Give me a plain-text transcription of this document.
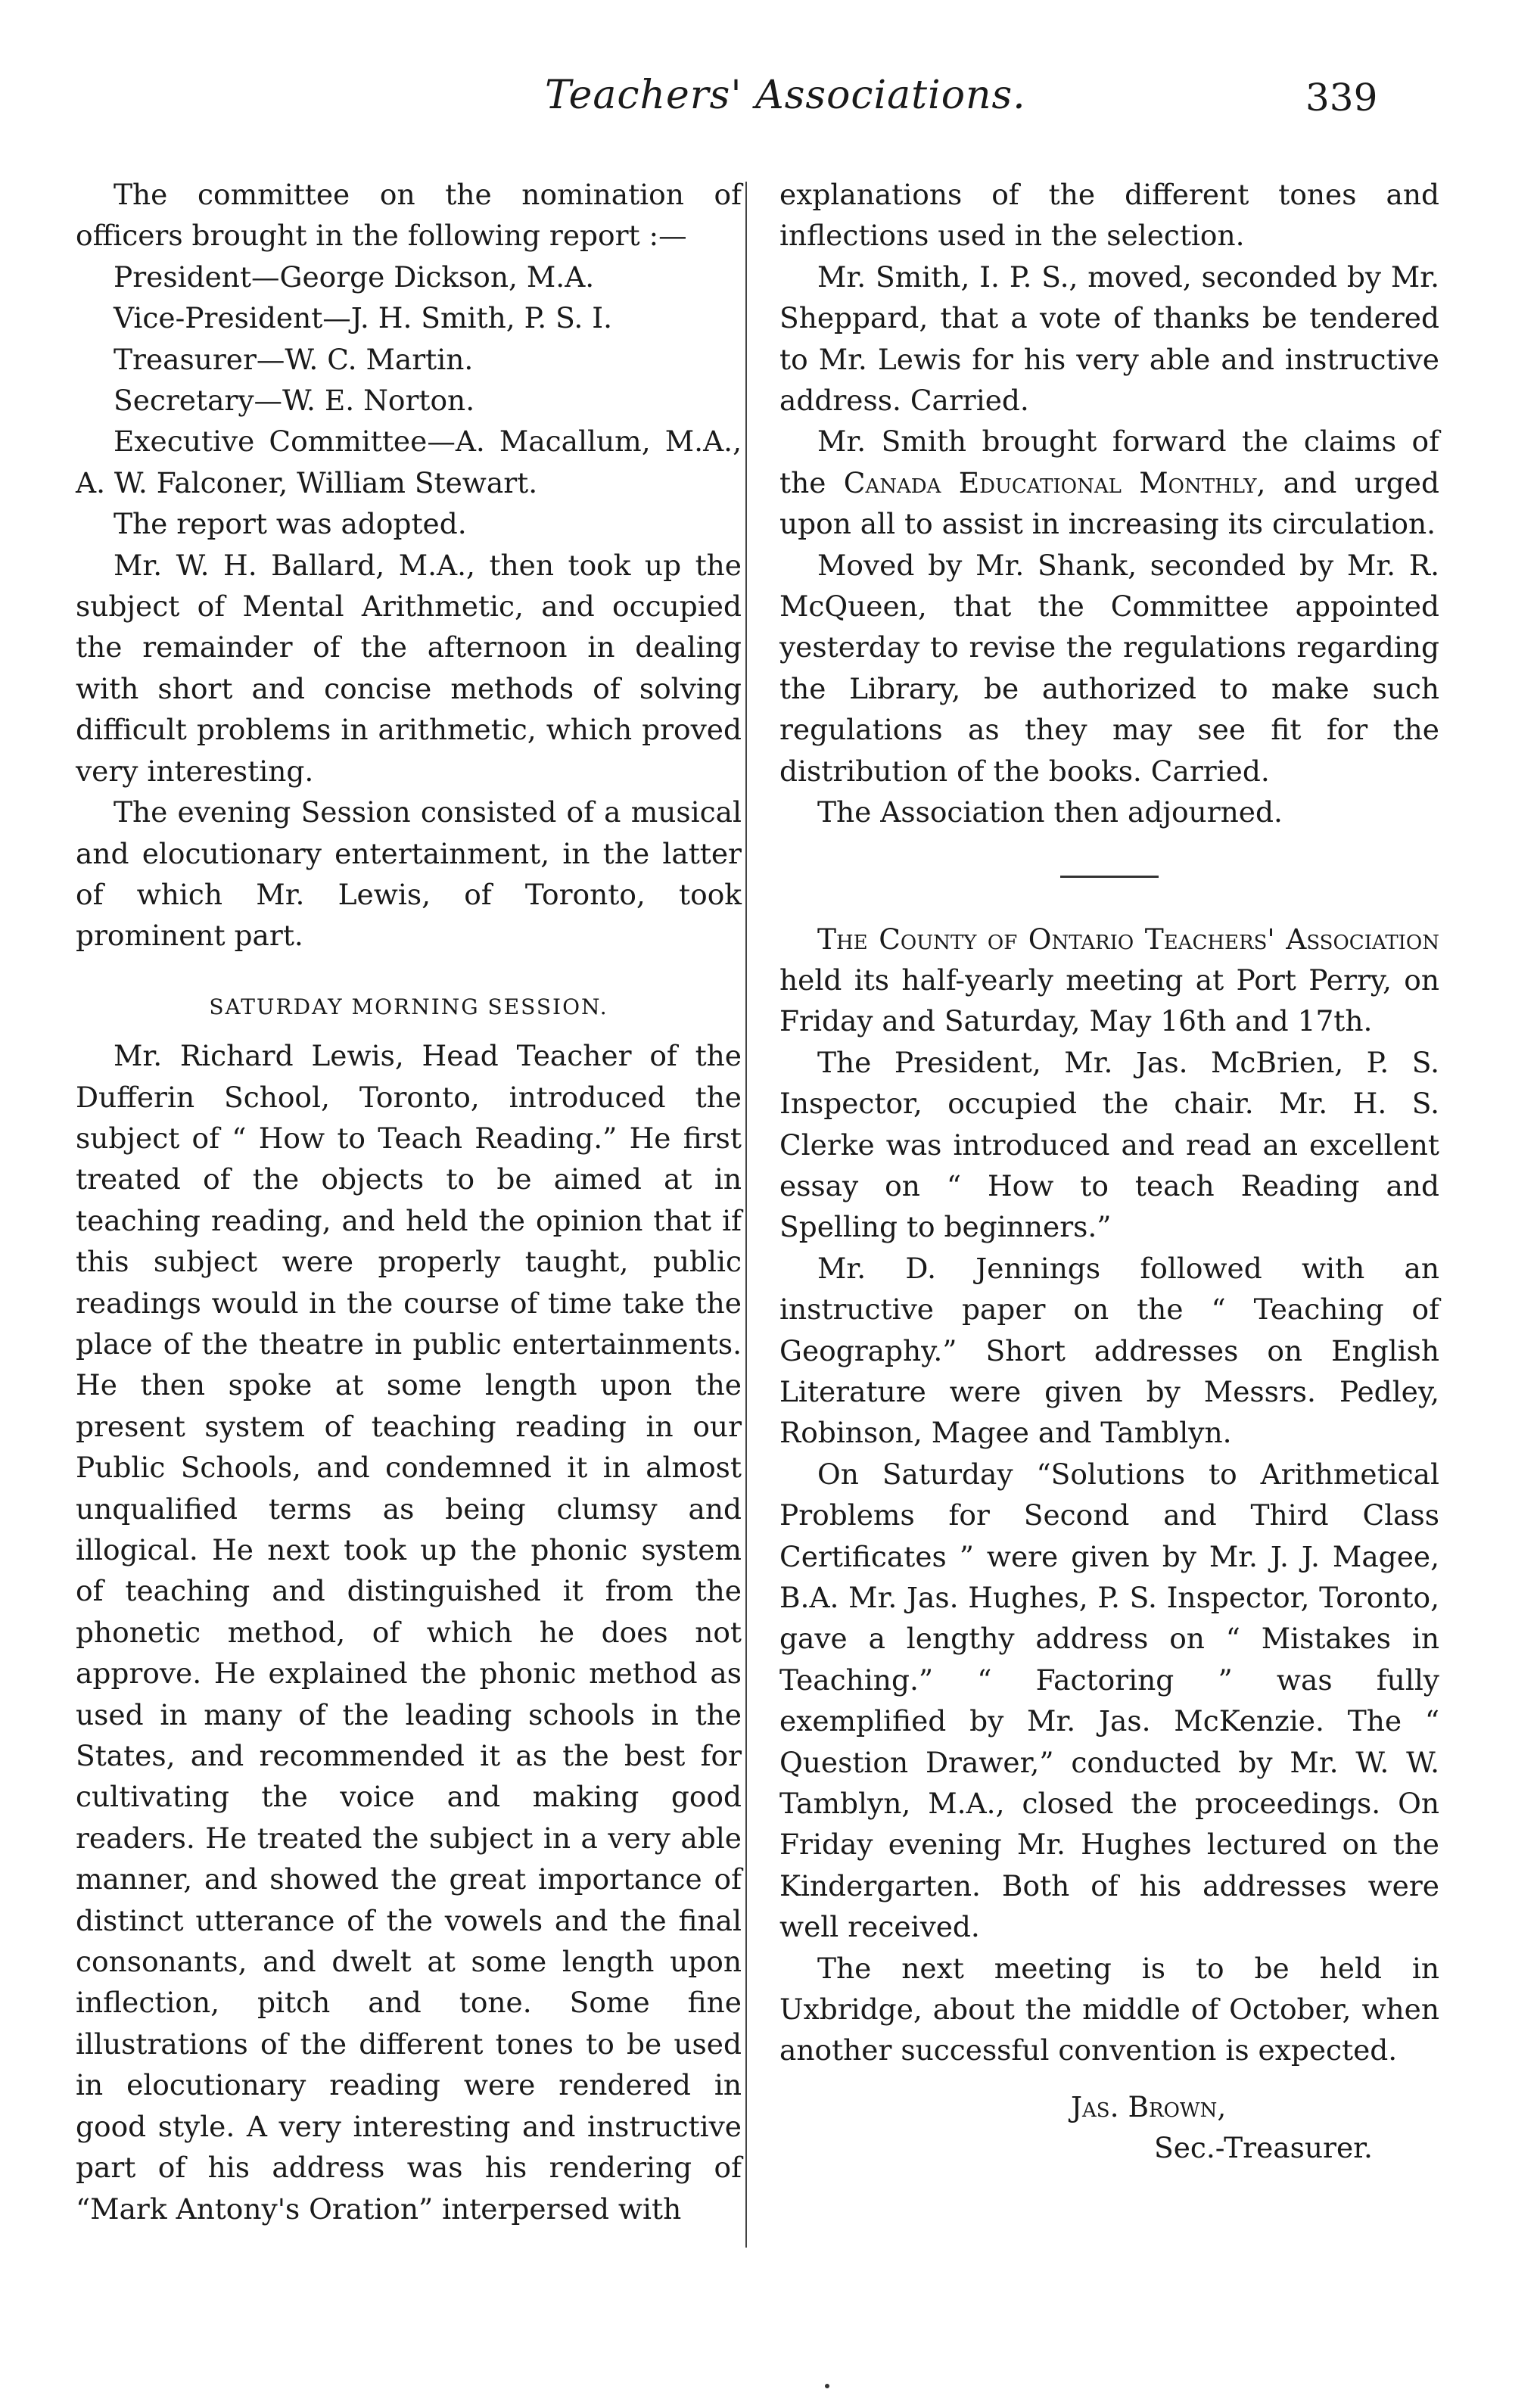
Teachers' Associations.	339

The committee on the nomination of officers brought in the following report :—

President—George Dickson, M.A.

Vice-President—J. H. Smith, P. S. I.

Treasurer—W. C. Martin.

Secretary—W. E. Norton.

Executive Committee—A. Macallum, M.A., A. W. Falconer, William Stewart.

The report was adopted.

Mr. W. H. Ballard, M.A., then took up the subject of Mental Arithmetic, and occupied the remainder of the afternoon in dealing with short and concise methods of solving difficult problems in arithmetic, which proved very interesting.

The evening Session consisted of a musical and elocutionary entertainment, in the latter of which Mr. Lewis, of Toronto, took prominent part.

SATURDAY MORNING SESSION.

Mr. Richard Lewis, Head Teacher of the Dufferin School, Toronto, introduced the subject of “ How to Teach Reading.” He first treated of the objects to be aimed at in teaching reading, and held the opinion that if this subject were properly taught, public readings would in the course of time take the place of the theatre in public entertainments. He then spoke at some length upon the present system of teaching reading in our Public Schools, and condemned it in almost unqualified terms as being clumsy and illogical. He next took up the phonic system of teaching and distinguished it from the phonetic method, of which he does not approve. He explained the phonic method as used in many of the leading schools in the States, and recommended it as the best for cultivating the voice and making good readers. He treated the subject in a very able manner, and showed the great importance of distinct utterance of the vowels and the final consonants, and dwelt at some length upon inflection, pitch and tone. Some fine illustrations of the different tones to be used in elocutionary reading were rendered in good style. A very interesting and instructive part of his address was his rendering of “Mark Antony's Oration” interpersed with

explanations of the different tones and inflections used in the selection.

Mr. Smith, I. P. S., moved, seconded by Mr. Sheppard, that a vote of thanks be tendered to Mr. Lewis for his very able and instructive address. Carried.

Mr. Smith brought forward the claims of the Canada Educational Monthly, and urged upon all to assist in increasing its circulation.

Moved by Mr. Shank, seconded by Mr. R. McQueen, that the Committee appointed yesterday to revise the regulations regarding the Library, be authorized to make such regulations as they may see fit for the distribution of the books. Carried.

The Association then adjourned.

The County of Ontario Teachers' Association held its half-yearly meeting at Port Perry, on Friday and Saturday, May 16th and 17th.

The President, Mr. Jas. McBrien, P. S. Inspector, occupied the chair. Mr. H. S. Clerke was introduced and read an excellent essay on “ How to teach Reading and Spelling to beginners.”

Mr. D. Jennings followed with an instructive paper on the “ Teaching of Geography.” Short addresses on English Literature were given by Messrs. Pedley, Robinson, Magee and Tamblyn.

On Saturday “Solutions to Arithmetical Problems for Second and Third Class Certificates ” were given by Mr. J. J. Magee, B.A. Mr. Jas. Hughes, P. S. Inspector, Toronto, gave a lengthy address on “ Mistakes in Teaching.” “ Factoring ” was fully exemplified by Mr. Jas. McKenzie. The “ Question Drawer,” conducted by Mr. W. W. Tamblyn, M.A., closed the proceedings. On Friday evening Mr. Hughes lectured on the Kindergarten. Both of his addresses were well received.

The next meeting is to be held in Uxbridge, about the middle of October, when another successful convention is expected.

Jas. Brown,

Sec.-Treasurer.
